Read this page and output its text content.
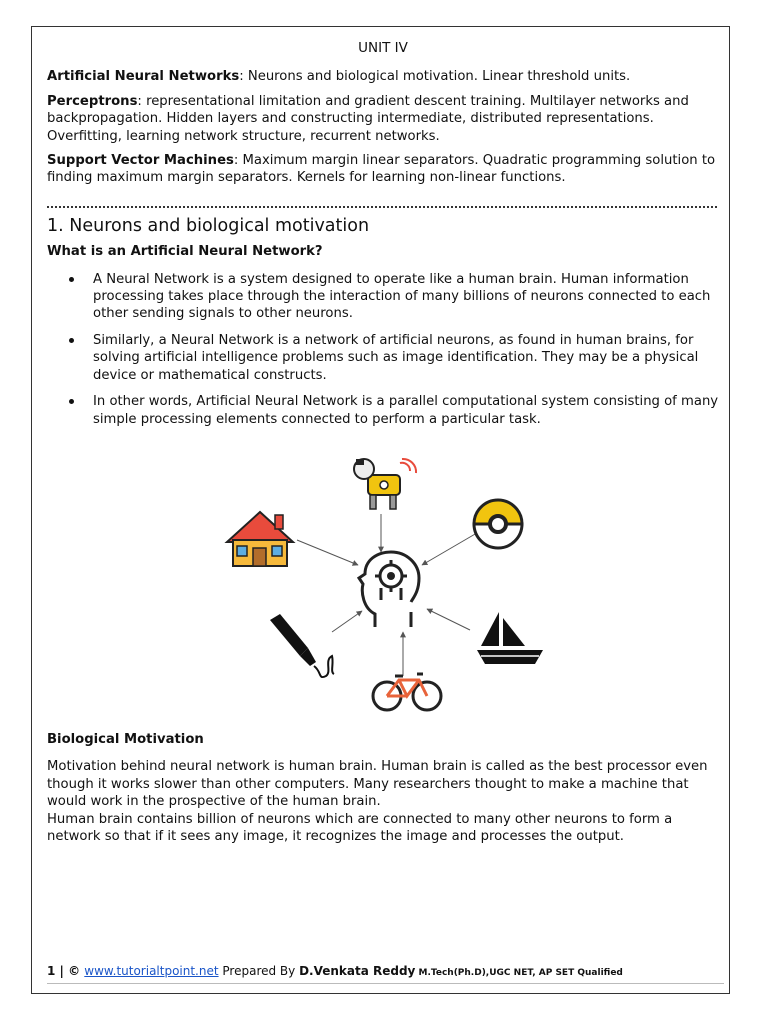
UNIT IV

Artificial Neural Networks: Neurons and biological motivation. Linear threshold units.

Perceptrons: representational limitation and gradient descent training. Multilayer networks and backpropagation. Hidden layers and constructing intermediate, distributed representations. Overfitting, learning network structure, recurrent networks.

Support Vector Machines: Maximum margin linear separators. Quadratic programming solution to finding maximum margin separators. Kernels for learning non-linear functions.

1. Neurons and biological motivation
What is an Artificial Neural Network?
A Neural Network is a system designed to operate like a human brain. Human information processing takes place through the interaction of many billions of neurons connected to each other sending signals to other neurons.
Similarly, a Neural Network is a network of artificial neurons, as found in human brains, for solving artificial intelligence problems such as image identification. They may be a physical device or mathematical constructs.
In other words, Artificial Neural Network is a parallel computational system consisting of many simple processing elements connected to perform a particular task.
Biological Motivation
Motivation behind neural network is human brain. Human brain is called as the best processor even though it works slower than other computers. Many researchers thought to make a machine that would work in the prospective of the human brain.
Human brain contains billion of neurons which are connected to many other neurons to form a network so that if it sees any image, it recognizes the image and processes the output.
1 | © www.tutorialtpoint.net Prepared By D.Venkata Reddy M.Tech(Ph.D),UGC NET, AP SET Qualified
